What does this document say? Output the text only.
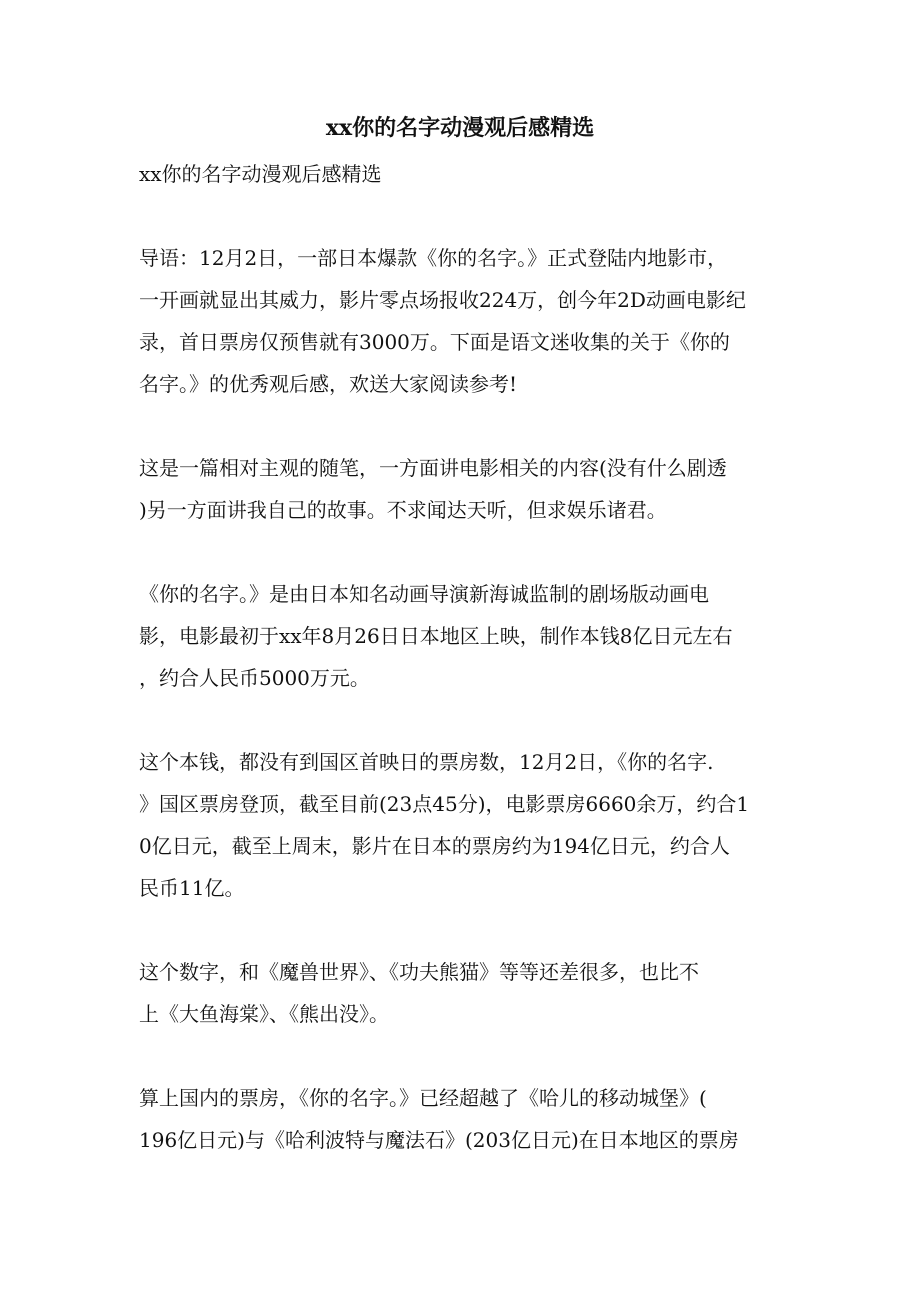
xx你的名字动漫观后感精选
xx你的名字动漫观后感精选
导语：12月2日，一部日本爆款《你的名字。》正式登陆内地影市，
一开画就显出其威力，影片零点场报收224万，创今年2D动画电影纪
录，首日票房仅预售就有3000万。下面是语文迷收集的关于《你的
名字。》的优秀观后感，欢送大家阅读参考!
这是一篇相对主观的随笔，一方面讲电影相关的内容(没有什么剧透
)另一方面讲我自己的故事。不求闻达天听，但求娱乐诸君。
《你的名字。》是由日本知名动画导演新海诚监制的剧场版动画电
影，电影最初于xx年8月26日日本地区上映，制作本钱8亿日元左右
，约合人民币5000万元。
这个本钱，都没有到国区首映日的票房数，12月2日，《你的名字.
》国区票房登顶，截至目前(23点45分)，电影票房6660余万，约合1
0亿日元，截至上周末，影片在日本的票房约为194亿日元，约合人
民币11亿。
这个数字，和《魔兽世界》、《功夫熊猫》等等还差很多，也比不
上《大鱼海棠》、《熊出没》。
算上国内的票房，《你的名字。》已经超越了《哈儿的移动城堡》(
196亿日元)与《哈利波特与魔法石》(203亿日元)在日本地区的票房
